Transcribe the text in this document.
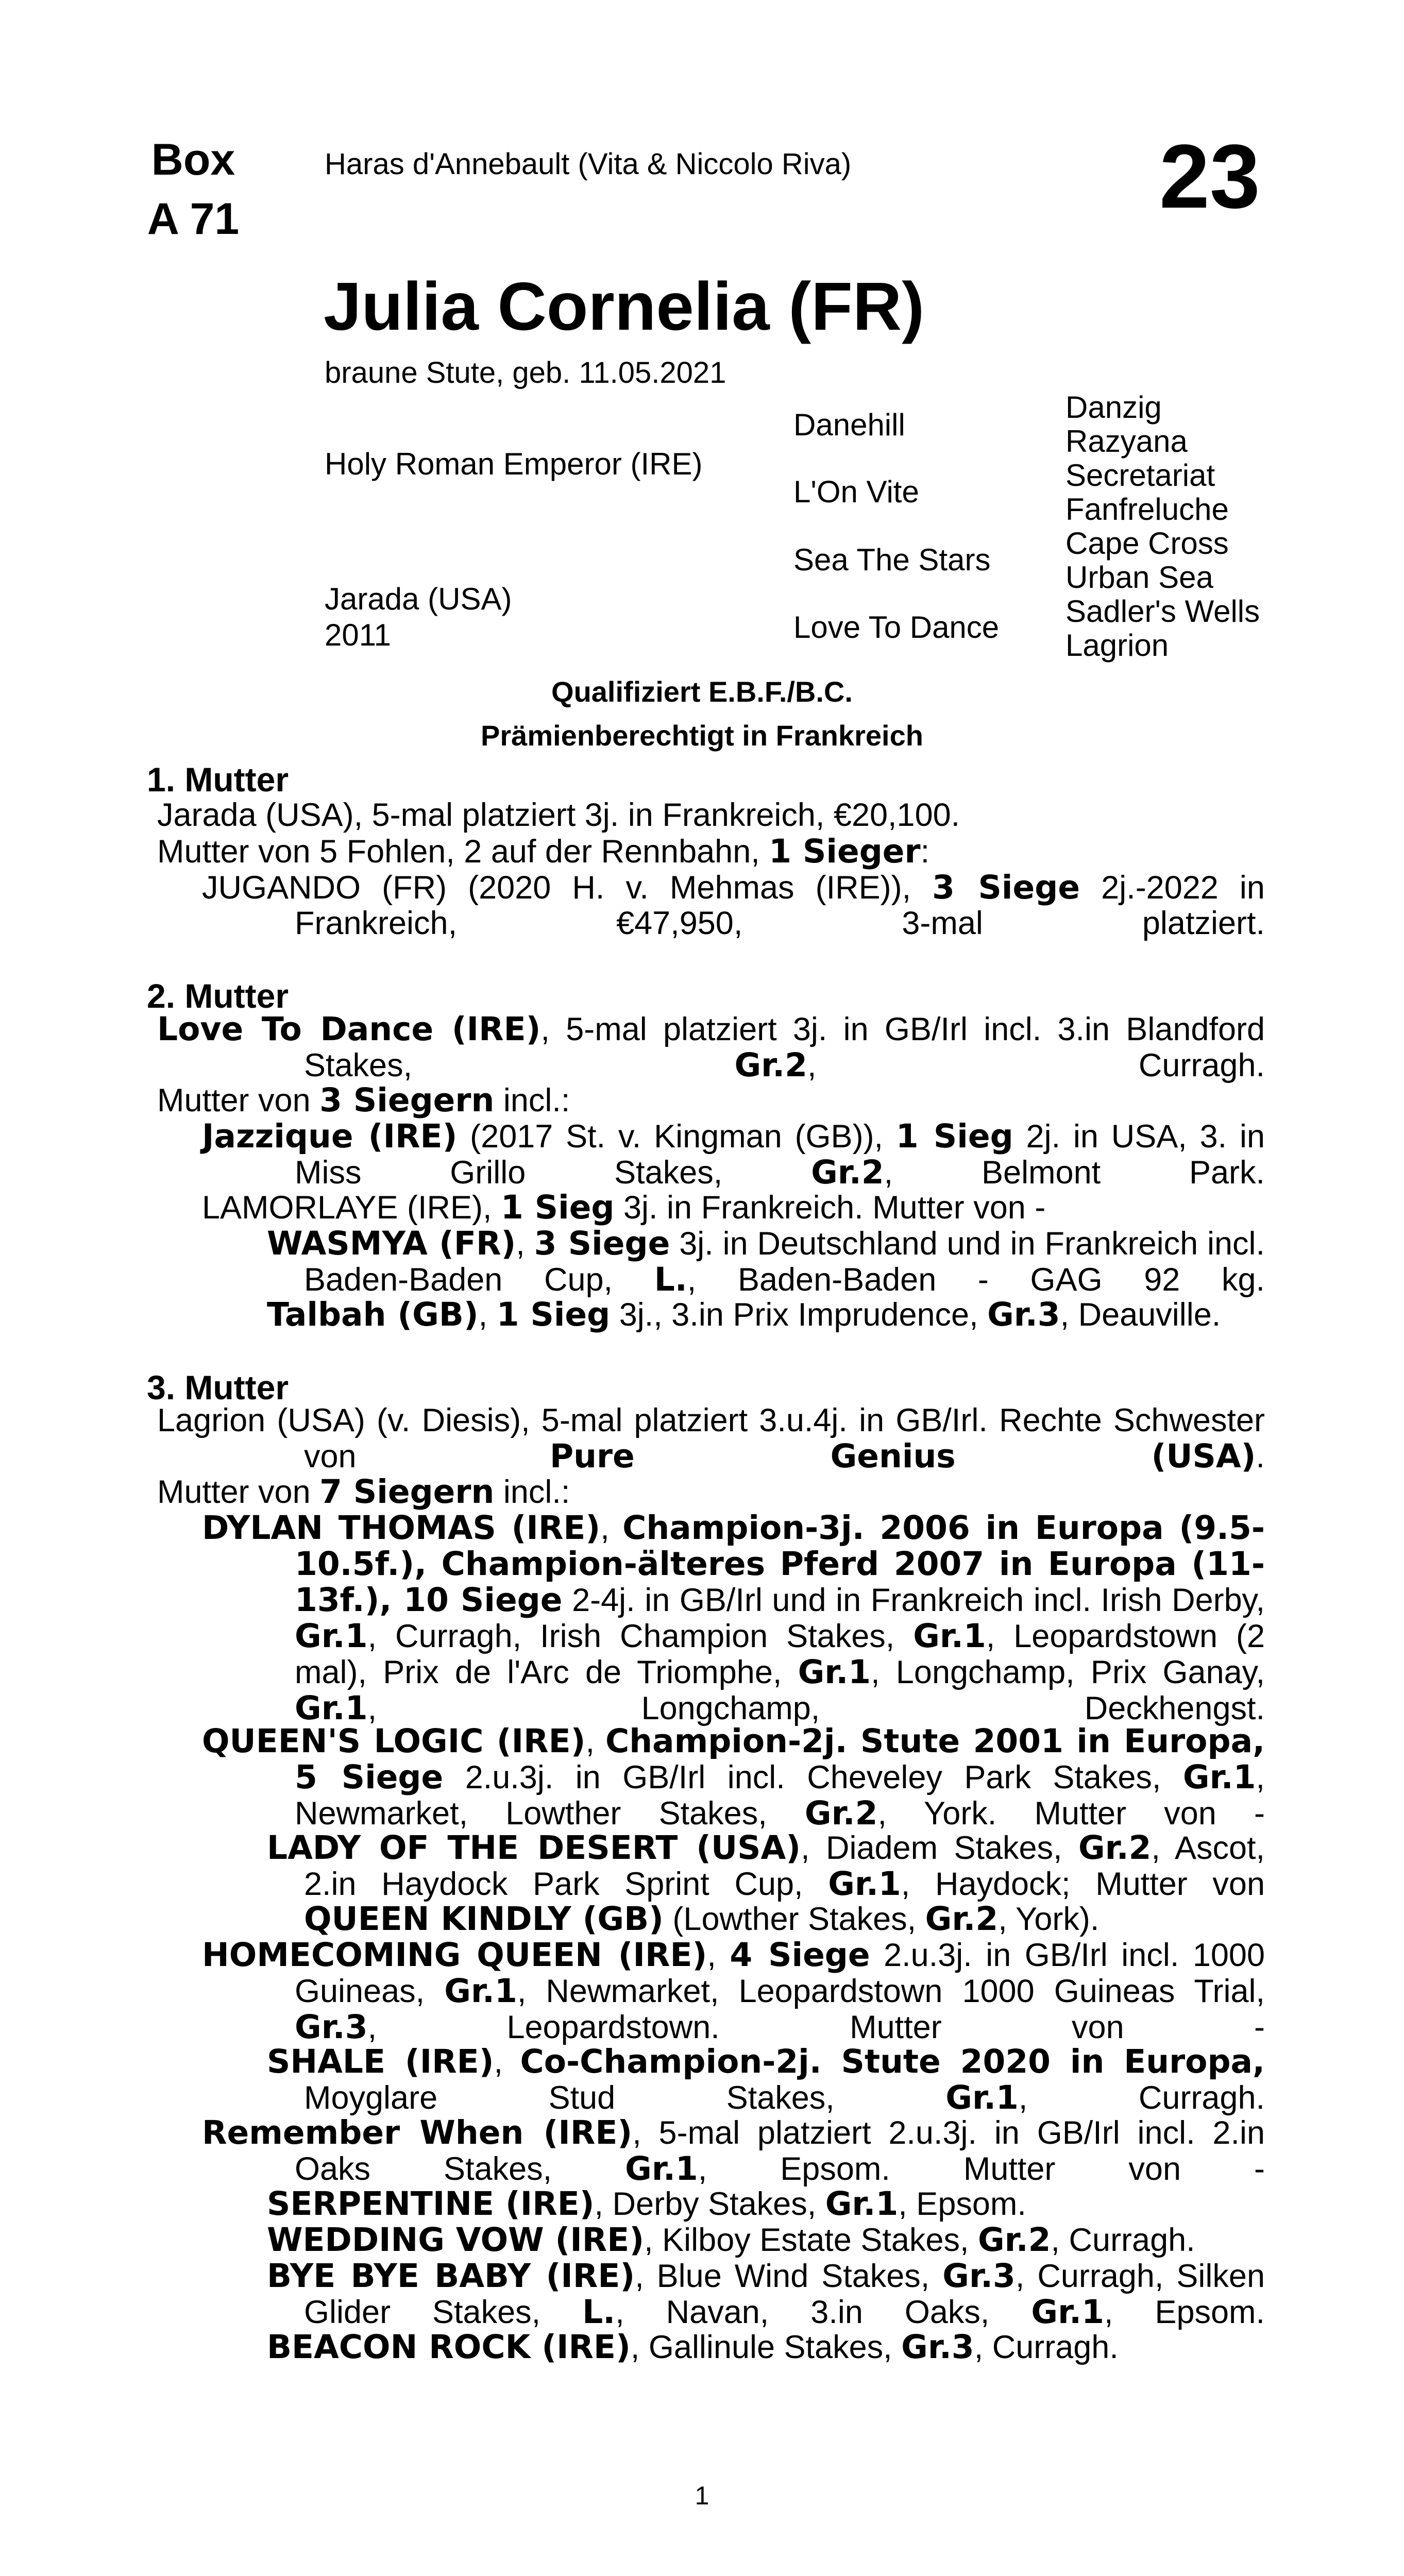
Box
A 71
Haras d'Annebault (Vita & Niccolo Riva)	23
Julia Cornelia (FR)
braune Stute, geb. 11.05.2021
Holy Roman Emperor (IRE)
Jarada (USA)
2011
Danehill
L'On Vite
Sea The Stars
Love To Dance
Danzig
Razyana
Secretariat
Fanfreluche
Cape Cross
Urban Sea
Sadler's Wells
Lagrion
Qualifiziert E.B.F./B.C.
Prämienberechtigt in Frankreich
1. Mutter
Jarada (USA), 5-mal platziert 3j. in Frankreich, €20,100.
Mutter von 5 Fohlen, 2 auf der Rennbahn, 1 Sieger:
JUGANDO (FR) (2020 H. v. Mehmas (IRE)), 3 Siege 2j.-2022 in Frankreich, €47,950, 3-mal platziert.
2. Mutter
Love To Dance (IRE), 5-mal platziert 3j. in GB/Irl incl. 3.in Blandford Stakes, Gr.2, Curragh.
Mutter von 3 Siegern incl.:
Jazzique (IRE) (2017 St. v. Kingman (GB)), 1 Sieg 2j. in USA, 3. in Miss Grillo Stakes, Gr.2, Belmont Park.
LAMORLAYE (IRE), 1 Sieg 3j. in Frankreich. Mutter von -
WASMYA (FR), 3 Siege 3j. in Deutschland und in Frankreich incl. Baden-Baden Cup, L., Baden-Baden - GAG 92 kg.
Talbah (GB), 1 Sieg 3j., 3.in Prix Imprudence, Gr.3, Deauville.
3. Mutter
Lagrion (USA) (v. Diesis), 5-mal platziert 3.u.4j. in GB/Irl. Rechte Schwester von Pure Genius (USA).
Mutter von 7 Siegern incl.:
DYLAN THOMAS (IRE), Champion-3j. 2006 in Europa (9.5-10.5f.), Champion-älteres Pferd 2007 in Europa (11-13f.), 10 Siege 2-4j. in GB/Irl und in Frankreich incl. Irish Derby, Gr.1, Curragh, Irish Champion Stakes, Gr.1, Leopardstown (2 mal), Prix de l'Arc de Triomphe, Gr.1, Longchamp, Prix Ganay, Gr.1, Longchamp, Deckhengst.
QUEEN'S LOGIC (IRE), Champion-2j. Stute 2001 in Europa, 5 Siege 2.u.3j. in GB/Irl incl. Cheveley Park Stakes, Gr.1, Newmarket, Lowther Stakes, Gr.2, York. Mutter von -
LADY OF THE DESERT (USA), Diadem Stakes, Gr.2, Ascot, 2.in Haydock Park Sprint Cup, Gr.1, Haydock; Mutter von
QUEEN KINDLY (GB) (Lowther Stakes, Gr.2, York).
HOMECOMING QUEEN (IRE), 4 Siege 2.u.3j. in GB/Irl incl. 1000 Guineas, Gr.1, Newmarket, Leopardstown 1000 Guineas Trial, Gr.3, Leopardstown. Mutter von -
SHALE (IRE), Co-Champion-2j. Stute 2020 in Europa, Moyglare Stud Stakes, Gr.1, Curragh.
Remember When (IRE), 5-mal platziert 2.u.3j. in GB/Irl incl. 2.in Oaks Stakes, Gr.1, Epsom. Mutter von -
SERPENTINE (IRE), Derby Stakes, Gr.1, Epsom.
WEDDING VOW (IRE), Kilboy Estate Stakes, Gr.2, Curragh.
BYE BYE BABY (IRE), Blue Wind Stakes, Gr.3, Curragh, Silken Glider Stakes, L., Navan, 3.in Oaks, Gr.1, Epsom.
BEACON ROCK (IRE), Gallinule Stakes, Gr.3, Curragh.
1
